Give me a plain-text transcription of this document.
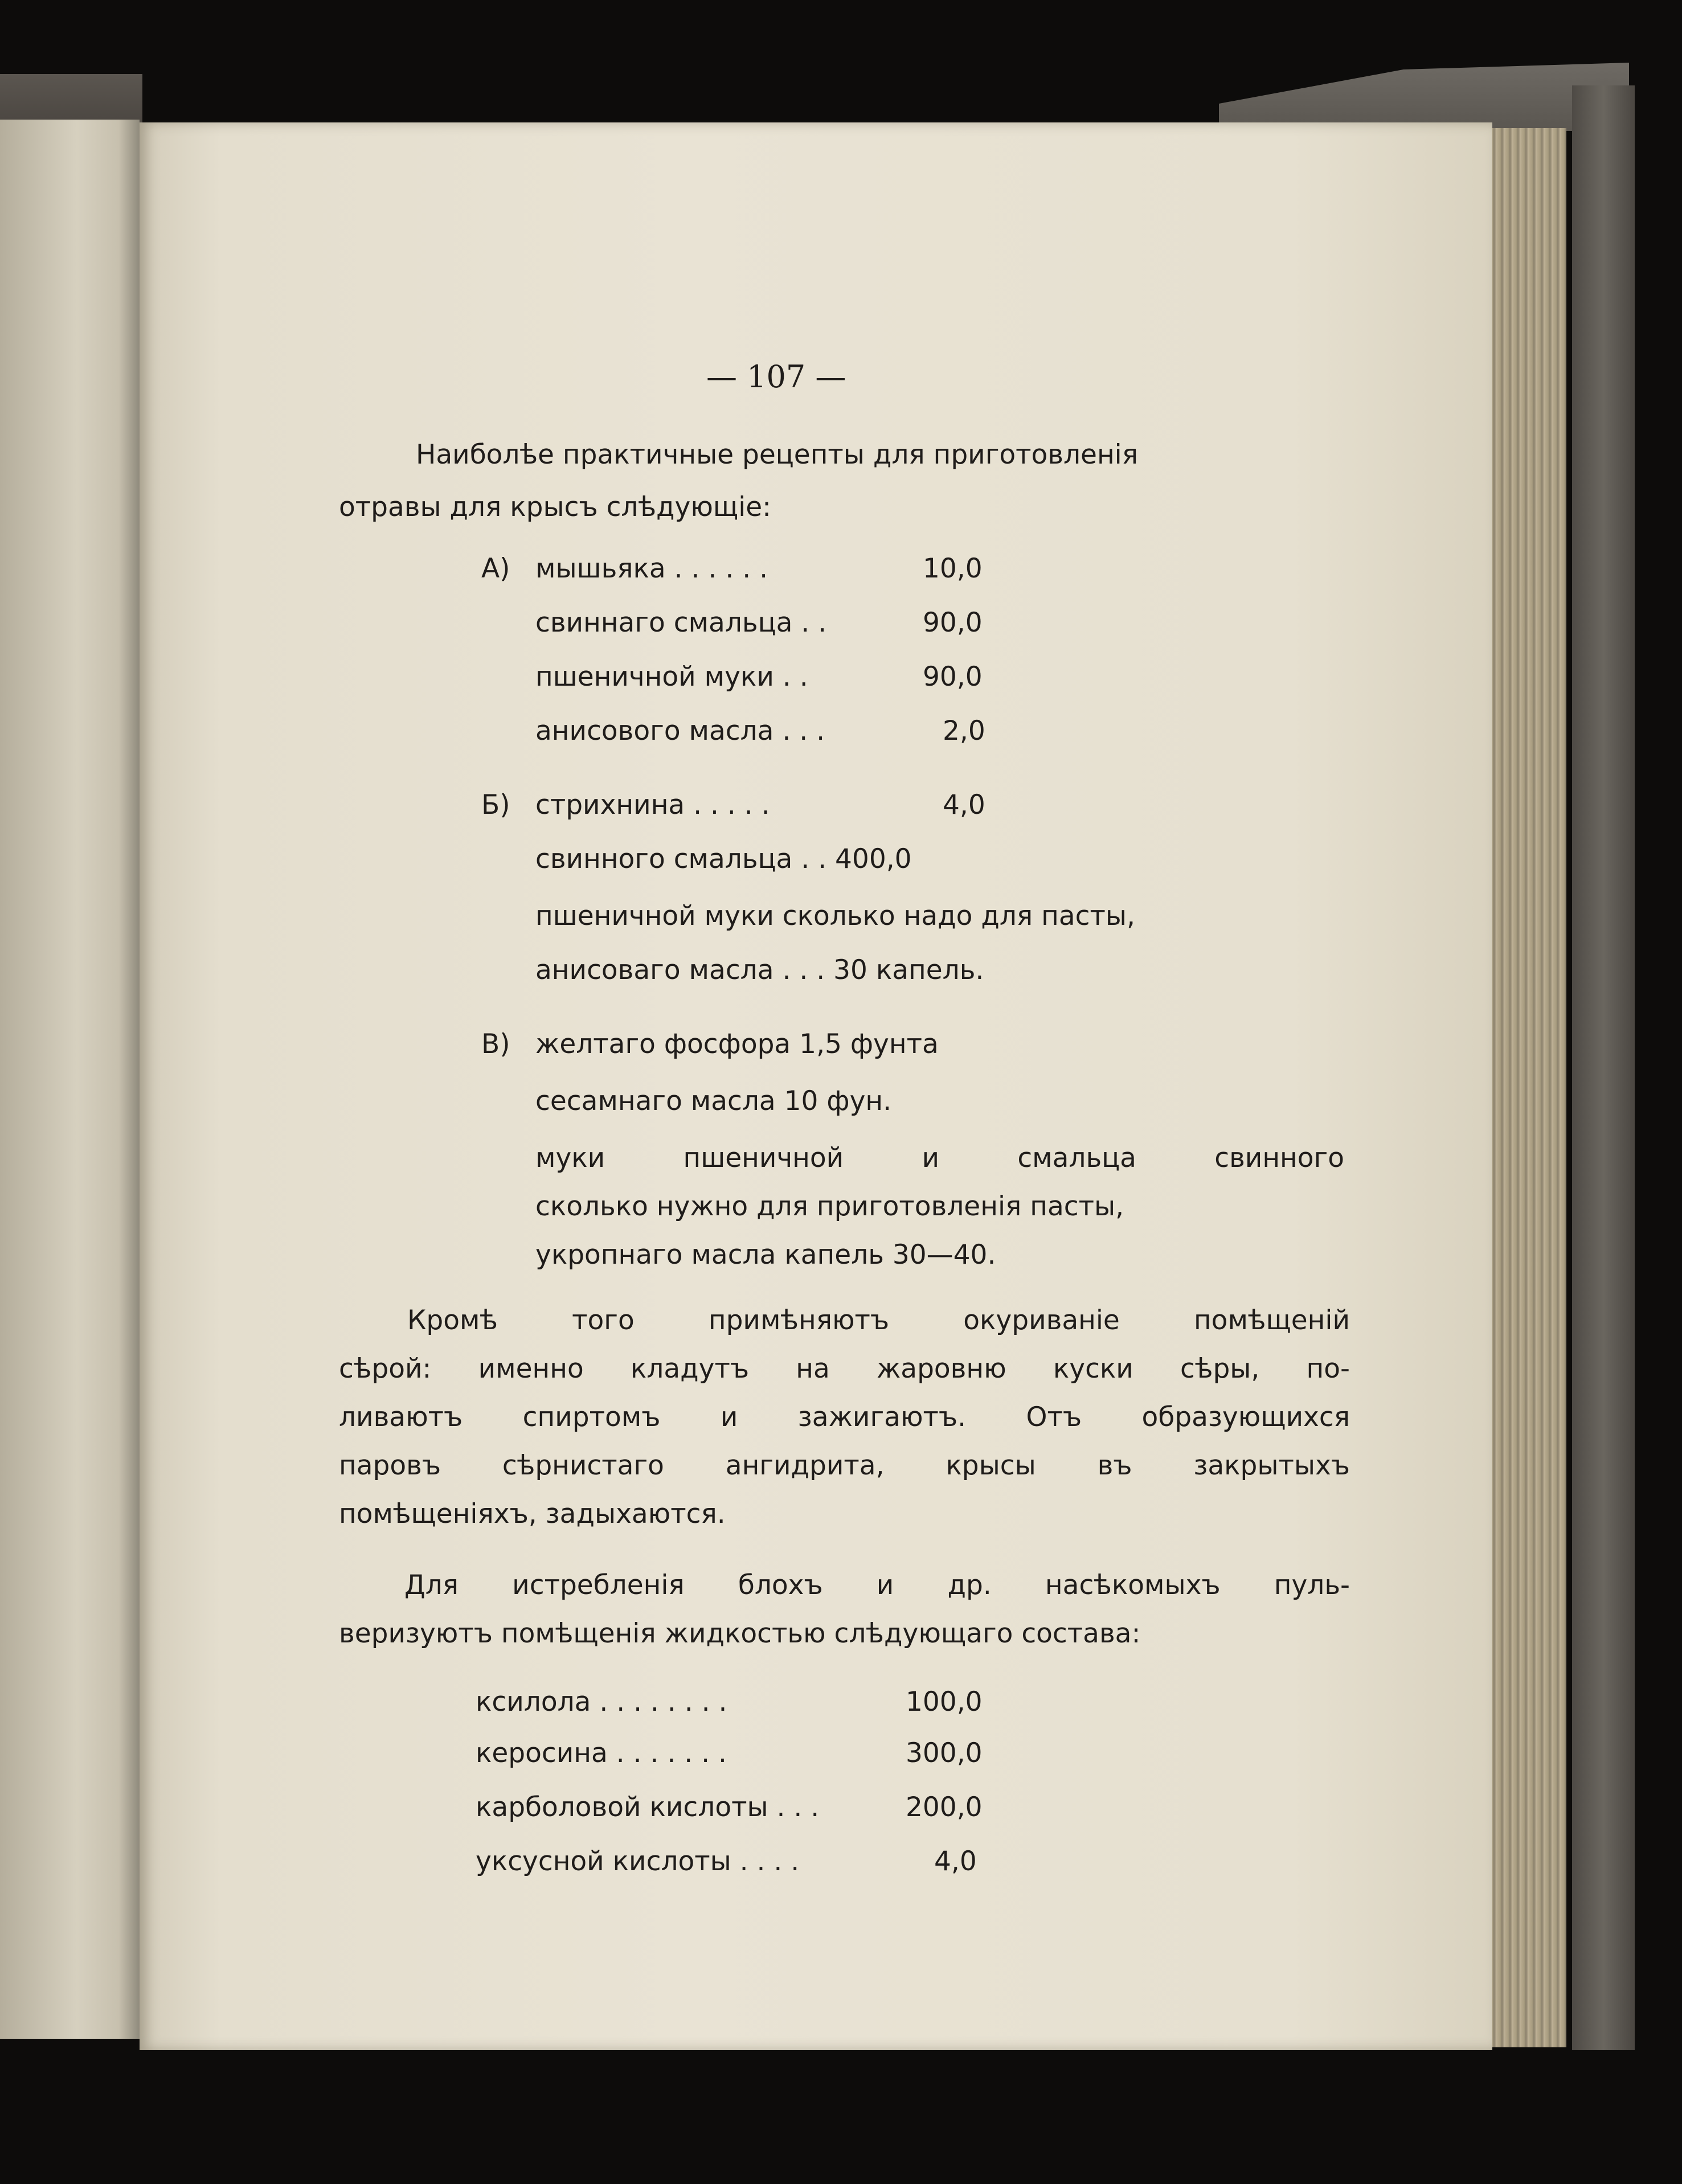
— 107 —
Наиболѣе практичные рецепты для приготовленія
отравы для крысъ слѣдующіе:
А) мышьяка . . . . . .	10,0
свиннаго смальца . .	90,0
пшеничной муки . .	90,0
анисового масла . . .	2,0
Б) стрихнина . . . . .	4,0
свинного смальца . . 400,0
пшеничной муки сколько надо для пасты,
анисоваго масла . . . 30 капель.
В) желтаго фосфора 1,5 фунта
сесамнаго масла 10 фун.
муки пшеничной и смальца свинного
сколько нужно для приготовленія пасты,
укропнаго масла капель 30—40.
Кромѣ того примѣняютъ окуриваніе помѣщеній
сѣрой: именно кладутъ на жаровню куски сѣры, по-
ливаютъ спиртомъ и зажигаютъ. Отъ образующихся
паровъ сѣрнистаго ангидрита, крысы въ закрытыхъ
помѣщеніяхъ, задыхаются.
Для истребленія блохъ и др. насѣкомыхъ пуль-
веризуютъ помѣщенія жидкостью слѣдующаго состава:
ксилола . . . . . . . .	100,0
керосина . . . . . . .	300,0
карболовой кислоты . . .	200,0
уксусной кислоты . . . .	4,0
